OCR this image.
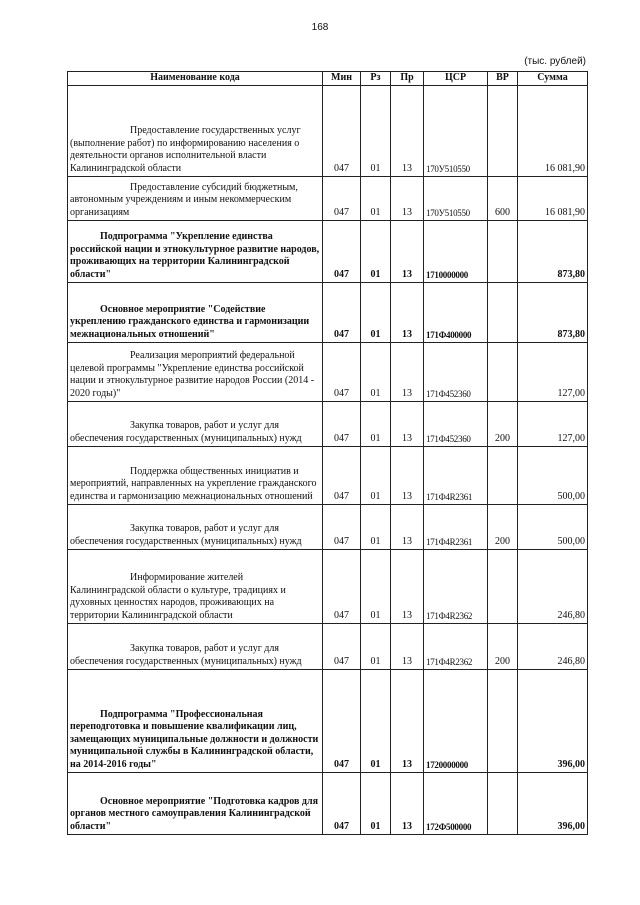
168
(тыс. рублей)
Наименование кода	Мин	Рз	Пр	ЦСР	ВР	Сумма
Предоставление государственных услуг (выполнение работ) по информированию населения о деятельности органов исполнительной власти Калининградской области	047	01	13	170У510550		16 081,90
Предоставление субсидий бюджетным, автономным учреждениям и иным некоммерческим организациям	047	01	13	170У510550	600	16 081,90
Подпрограмма "Укрепление единства российской нации и этнокультурное развитие народов, проживающих на территории Калининградской области"	047	01	13	1710000000		873,80
Основное мероприятие "Содействие укреплению гражданского единства и гармонизации межнациональных отношений"	047	01	13	171Ф400000		873,80
Реализация мероприятий федеральной целевой программы "Укрепление единства российской нации и этнокультурное развитие народов России (2014 - 2020 годы)"	047	01	13	171Ф452360		127,00
Закупка товаров, работ и услуг для обеспечения государственных (муниципальных) нужд	047	01	13	171Ф452360	200	127,00
Поддержка общественных инициатив и мероприятий, направленных на укрепление гражданского единства и гармонизацию межнациональных отношений	047	01	13	171Ф4R2361		500,00
Закупка товаров, работ и услуг для обеспечения государственных (муниципальных) нужд	047	01	13	171Ф4R2361	200	500,00
Информирование жителей Калининградской области о культуре, традициях и духовных ценностях народов, проживающих на территории Калининградской области	047	01	13	171Ф4R2362		246,80
Закупка товаров, работ и услуг для обеспечения государственных (муниципальных) нужд	047	01	13	171Ф4R2362	200	246,80
Подпрограмма "Профессиональная переподготовка и повышение квалификации лиц, замещающих муниципальные должности и должности муниципальной службы в Калининградской области, на 2014-2016 годы"	047	01	13	1720000000		396,00
Основное мероприятие "Подготовка кадров для органов местного самоуправления Калининградской области"	047	01	13	172Ф500000		396,00
